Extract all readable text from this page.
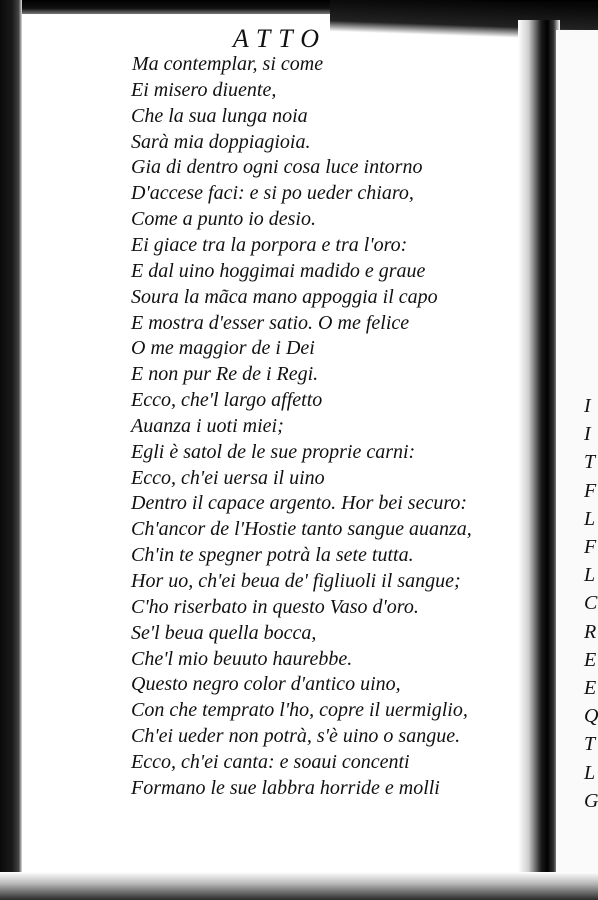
ATTO
Ma contemplar, si come
Ei misero diuente,
Che la sua lunga noia
Sarà mia doppiagioia.
Gia di dentro ogni cosa luce intorno
D'accese faci: e si po ueder chiaro,
Come a punto io desio.
Ei giace tra la porpora e tra l'oro:
E dal uino hoggimai madido e graue
Soura la mãca mano appoggia il capo
E mostra d'esser satio. O me felice
O me maggior de i Dei
E non pur Re de i Regi.
Ecco, che'l largo affetto
Auanza i uoti miei;
Egli è satol de le sue proprie carni:
Ecco, ch'ei uersa il uino
Dentro il capace argento. Hor bei securo:
Ch'ancor de l'Hostie tanto sangue auanza,
Ch'in te spegner potrà la sete tutta.
Hor uo, ch'ei beua de' figliuoli il sangue;
C'ho riserbato in questo Vaso d'oro.
Se'l beua quella bocca,
Che'l mio beuuto haurebbe.
Questo negro color d'antico uino,
Con che temprato l'ho, copre il uermiglio,
Ch'ei ueder non potrà, s'è uino o sangue.
Ecco, ch'ei canta: e soaui concenti
Formano le sue labbra horride e molli
I
I
T
F
L
F
L
C
R
E
E
Q
T
L
G
